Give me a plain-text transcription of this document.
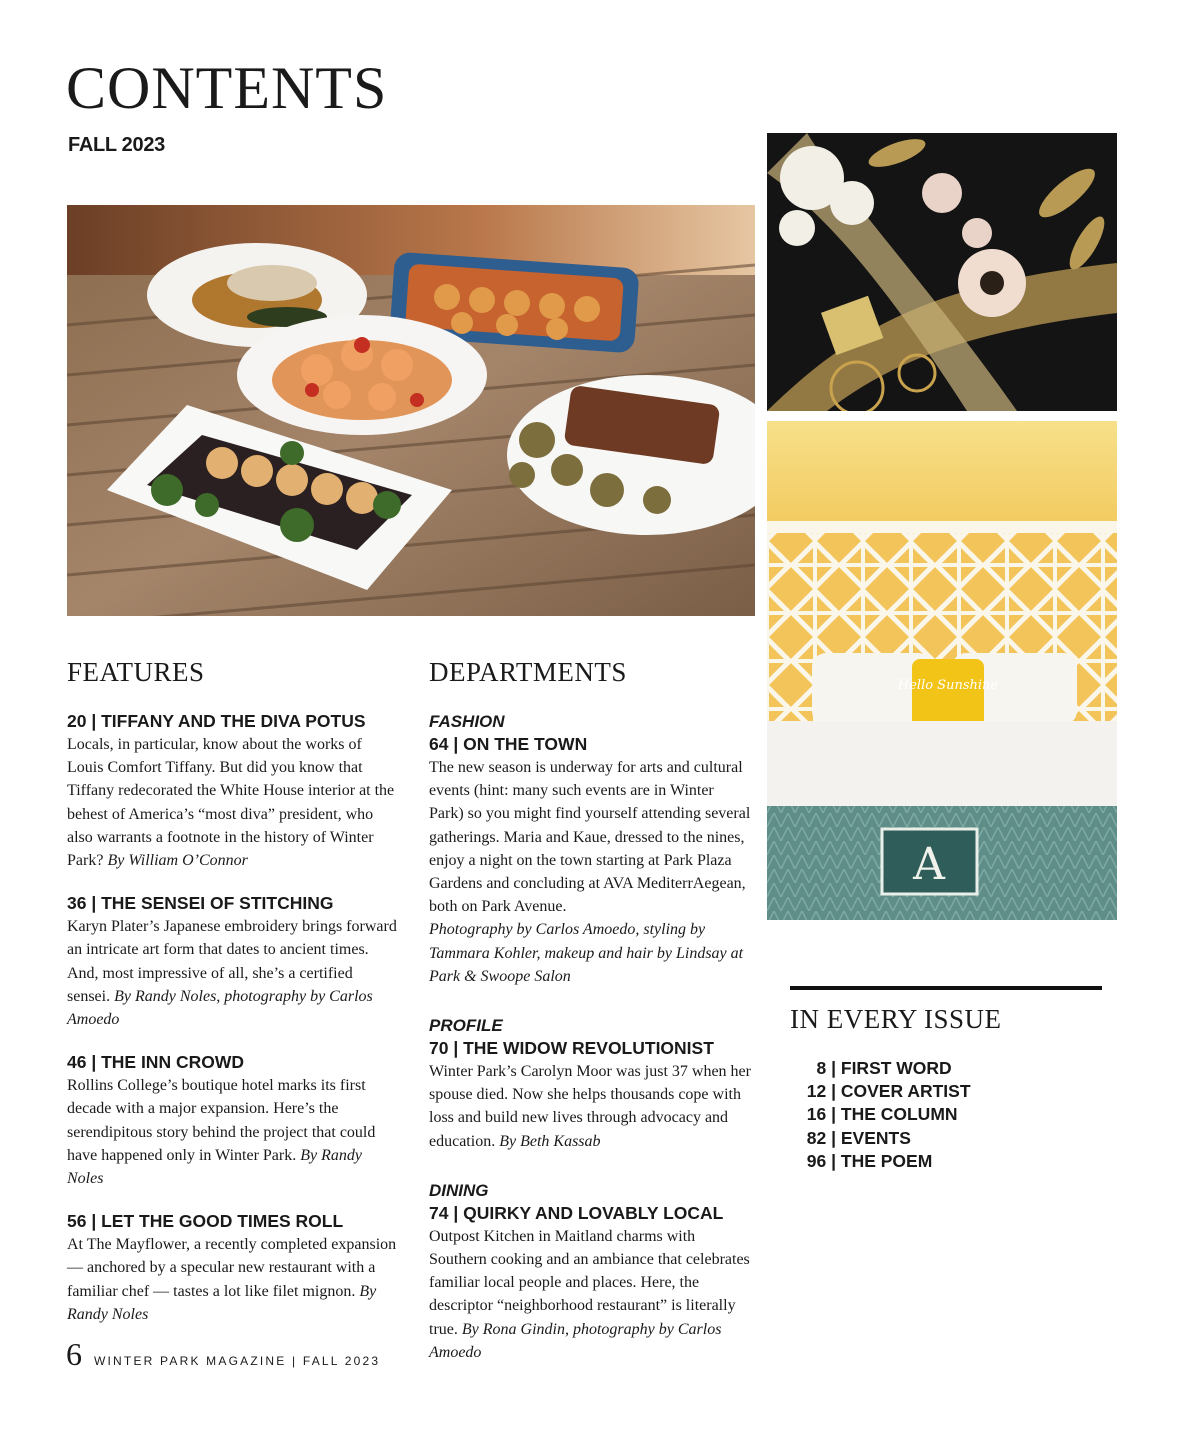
CONTENTS
FALL 2023
Hello Sunshine
A
FEATURES
20 | TIFFANY AND THE DIVA POTUS
Locals, in particular, know about the works of Louis Comfort Tiffany. But did you know that Tiffany redecorated the White House interior at the behest of America’s “most diva” president, who also warrants a footnote in the history of Winter Park? By William O’Connor
36 | THE SENSEI OF STITCHING
Karyn Plater’s Japanese embroidery brings forward an intricate art form that dates to ancient times. And, most impressive of all, she’s a certified sensei. By Randy Noles, photography by Carlos Amoedo
46 | THE INN CROWD
Rollins College’s boutique hotel marks its first decade with a major expansion. Here’s the serendipitous story behind the project that could have happened only in Winter Park. By Randy Noles
56 | LET THE GOOD TIMES ROLL
At The Mayflower, a recently completed expansion — anchored by a specular new restaurant with a familiar chef — tastes a lot like filet mignon. By Randy Noles
DEPARTMENTS
FASHION
64 | ON THE TOWN
The new season is underway for arts and cultural events (hint: many such events are in Winter Park) so you might find yourself attending several gatherings. Maria and Kaue, dressed to the nines, enjoy a night on the town starting at Park Plaza Gardens and concluding at AVA MediterrAegean, both on Park Avenue.
Photography by Carlos Amoedo, styling by Tammara Kohler, makeup and hair by Lindsay at Park & Swoope Salon
PROFILE
70 | THE WIDOW REVOLUTIONIST
Winter Park’s Carolyn Moor was just 37 when her spouse died. Now she helps thousands cope with loss and build new lives through advocacy and education. By Beth Kassab
DINING
74 | QUIRKY AND LOVABLY LOCAL
Outpost Kitchen in Maitland charms with Southern cooking and an ambiance that celebrates familiar local people and places. Here, the descriptor “neighborhood restaurant” is literally true. By Rona Gindin, photography by Carlos Amoedo
IN EVERY ISSUE
8 | FIRST WORD
12 | COVER ARTIST
16 | THE COLUMN
82 | EVENTS
96 | THE POEM
6 WINTER PARK MAGAZINE | FALL 2023
